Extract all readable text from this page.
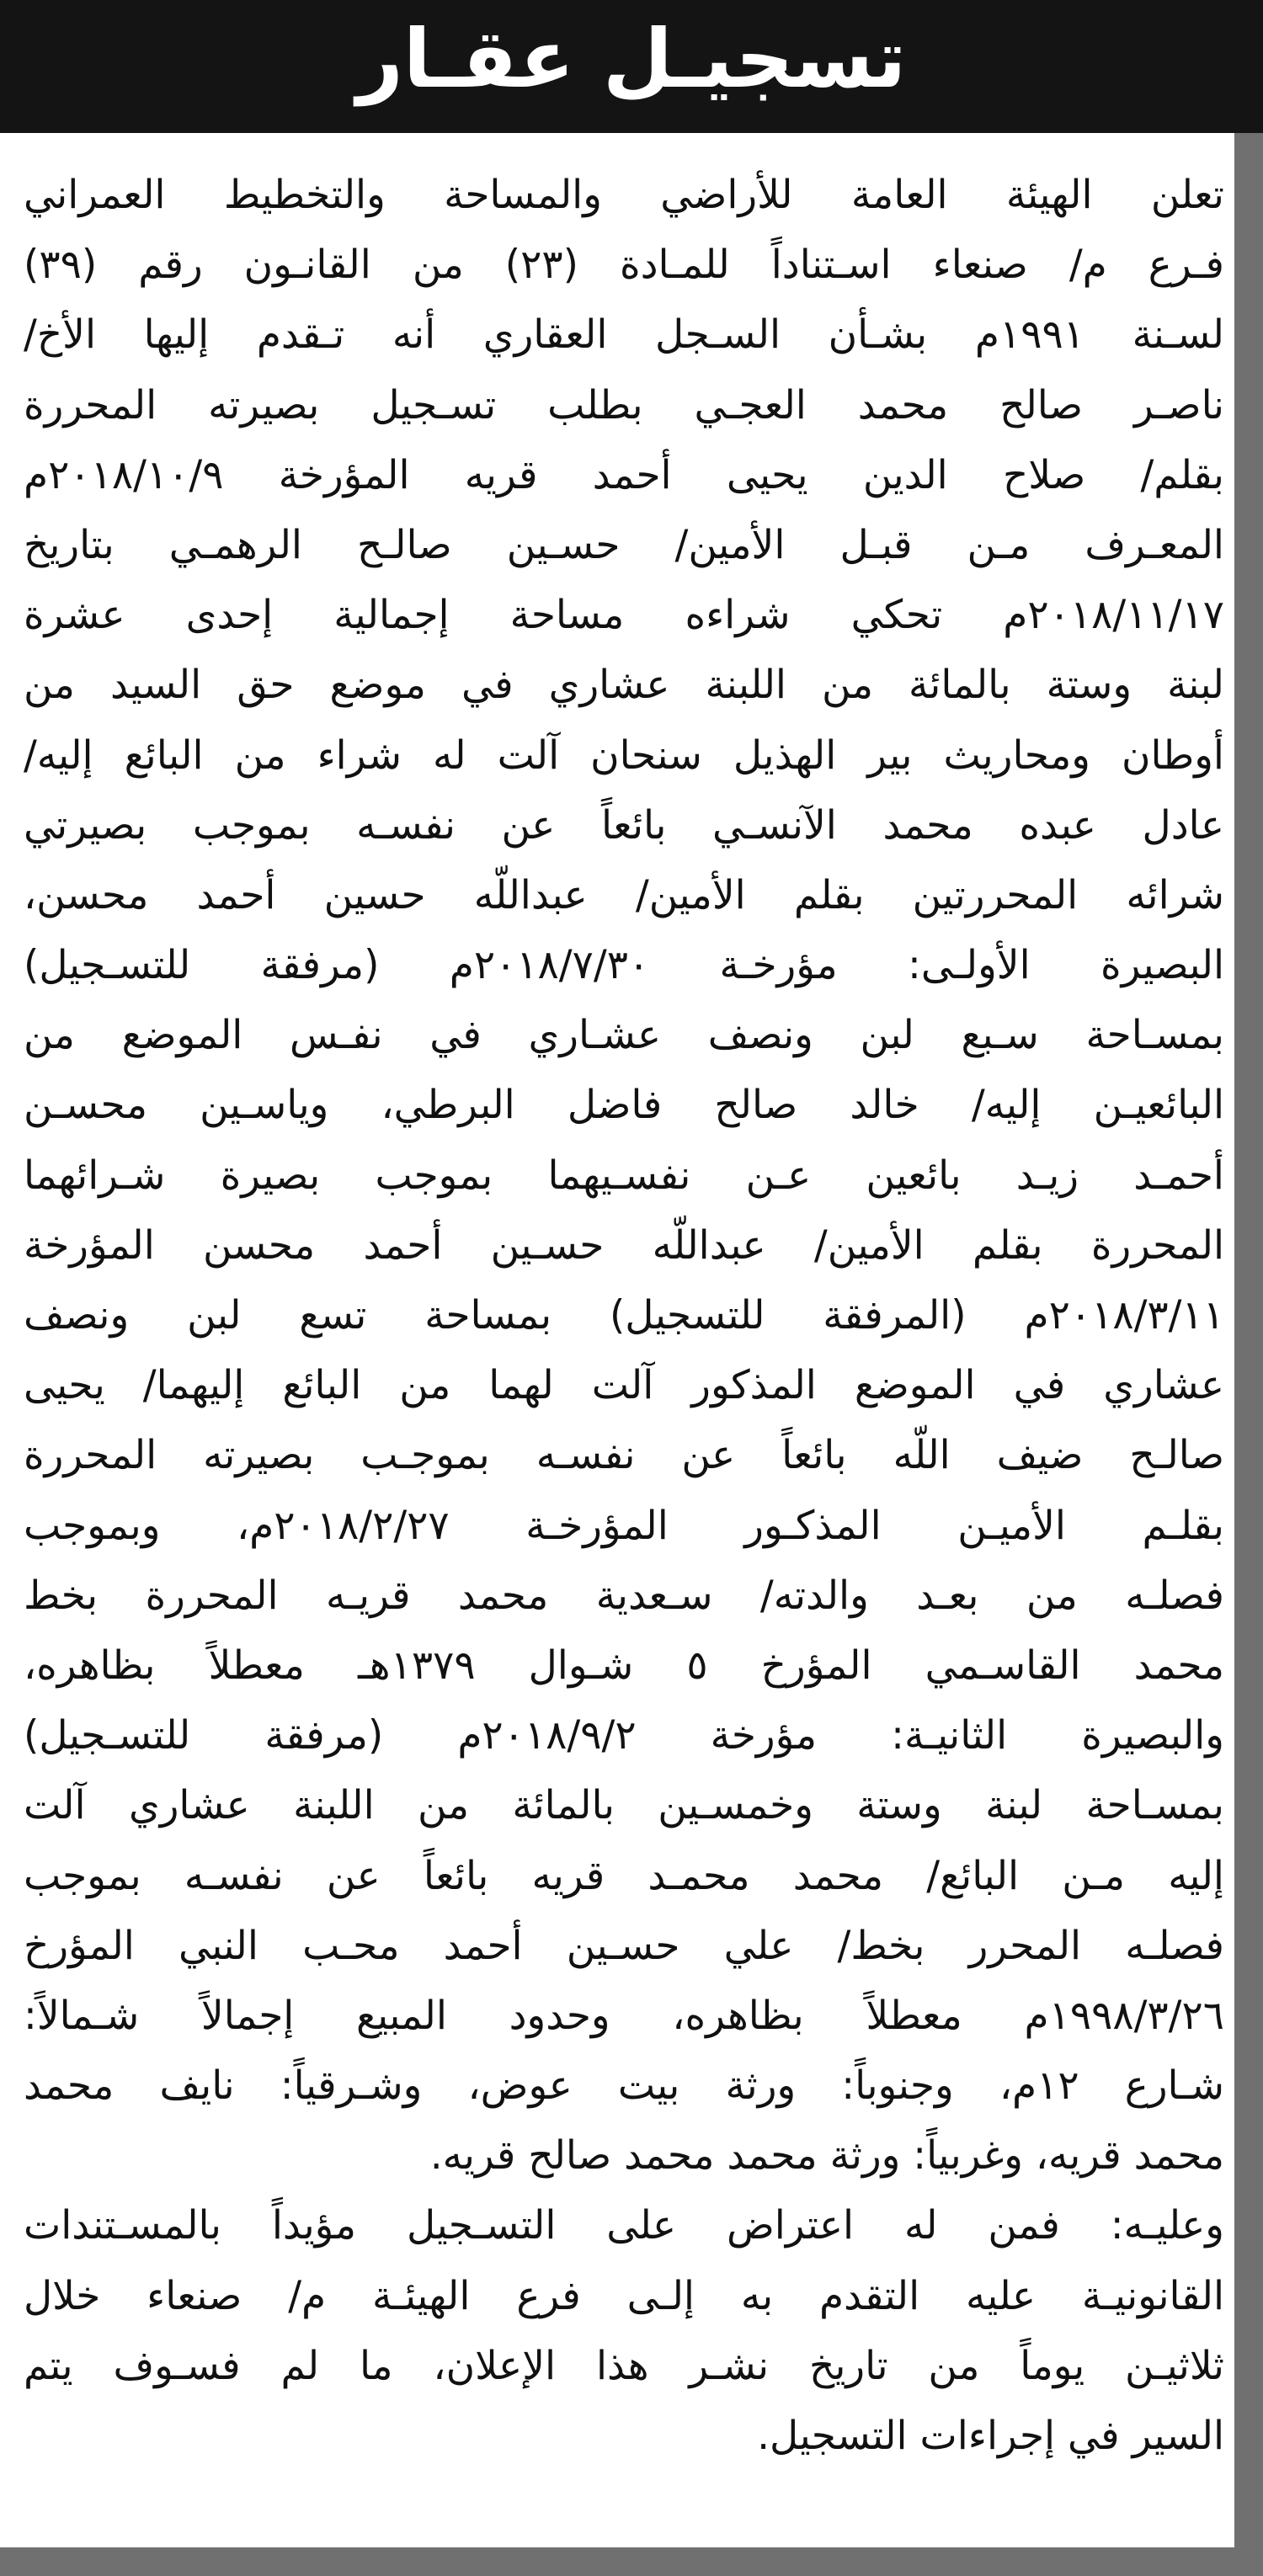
تسجيـل عقـار
تعلن الهيئة العامة للأراضي والمساحة والتخطيط العمراني
فـرع م/ صنعاء اسـتناداً للمـادة (٢٣) من القانـون رقم (٣٩)
لسـنة ١٩٩١م بشـأن السـجل العقاري أنه تـقدم إليها الأخ/
ناصـر صالح محمد العجـي بطلب تسـجيل بصيرته المحررة
بقلم/ صلاح الدين يحيى أحمد قريه المؤرخة ٢٠١٨/١٠/٩م
المعـرف مـن قبـل الأمين/ حسـين صالـح الرهمـي بتاريخ
٢٠١٨/١١/١٧م تحكي شراءه مساحة إجمالية إحدى عشرة
لبنة وستة بالمائة من اللبنة عشاري في موضع حق السيد من
أوطان ومحاريث بير الهذيل سنحان آلت له شراء من البائع إليه/
عادل عبده محمد الآنسـي بائعاً عن نفسـه بموجب بصيرتي
شرائه المحررتين بقلم الأمين/ عبداللّه حسين أحمد محسن،
البصيرة الأولـى: مؤرخـة ٢٠١٨/٧/٣٠م (مرفقة للتسـجيل)
بمسـاحة سـبع لبن ونصف عشـاري في نفـس الموضع من
البائعيـن إليه/ خالد صالح فاضل البرطي، وياسـين محسـن
أحمـد زيـد بائعين عـن نفسـيهما بموجب بصيرة شـرائهما
المحررة بقلم الأمين/ عبداللّه حسـين أحمد محسن المؤرخة
٢٠١٨/٣/١١م (المرفقة للتسجيل) بمساحة تسع لبن ونصف
عشاري في الموضع المذكور آلت لهما من البائع إليهما/ يحيى
صالـح ضيف اللّه بائعاً عن نفسـه بموجـب بصيرته المحررة
بقلـم الأميـن المذكـور المؤرخـة ٢٠١٨/٢/٢٧م، وبموجب
فصلـه من بعـد والدته/ سـعدية محمد قريـه المحررة بخط
محمد القاسـمي المؤرخ ٥ شـوال ١٣٧٩هـ معطلاً بظاهره،
والبصيرة الثانيـة: مؤرخة ٢٠١٨/٩/٢م (مرفقة للتسـجيل)
بمسـاحة لبنة وستة وخمسـين بالمائة من اللبنة عشاري آلت
إليه مـن البائع/ محمد محمـد قريه بائعاً عن نفسـه بموجب
فصلـه المحرر بخط/ علي حسـين أحمد محـب النبي المؤرخ
١٩٩٨/٣/٢٦م معطلاً بظاهره، وحدود المبيع إجمالاً شـمالاً:
شـارع ١٢م، وجنوباً: ورثة بيت عوض، وشـرقياً: نايف محمد
محمد قريه، وغربياً: ورثة محمد محمد صالح قريه.
وعليـه: فمن له اعتراض على التسـجيل مؤيداً بالمسـتندات
القانونيـة عليه التقدم به إلـى فرع الهيئـة م/ صنعاء خلال
ثلاثيـن يوماً من تاريخ نشـر هذا الإعلان، ما لم فسـوف يتم
السير في إجراءات التسجيل.
